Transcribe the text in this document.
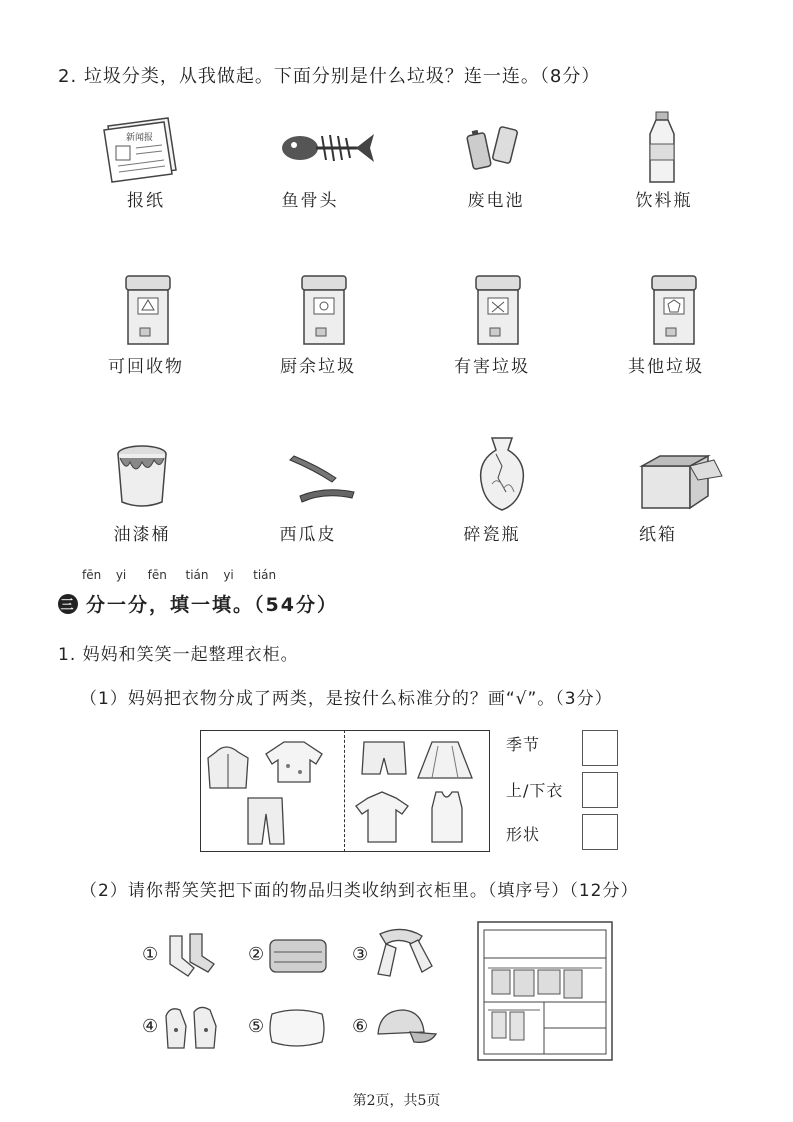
2. 垃圾分类，从我做起。下面分别是什么垃圾？连一连。（8分）
新闻报
报纸	鱼骨头	废电池	饮料瓶
可回收物	厨余垃圾	有害垃圾	其他垃圾
油漆桶	西瓜皮	碎瓷瓶	纸箱
fēn yi fēn tián yi tián
三 分一分，填一填。（54分）
1. 妈妈和笑笑一起整理衣柜。
（1）妈妈把衣物分成了两类，是按什么标准分的？画“√”。（3分）
季节
上/下衣
形状
（2）请你帮笑笑把下面的物品归类收纳到衣柜里。（填序号）（12分）
①	②	③
④	⑤	⑥
第2页，共5页
